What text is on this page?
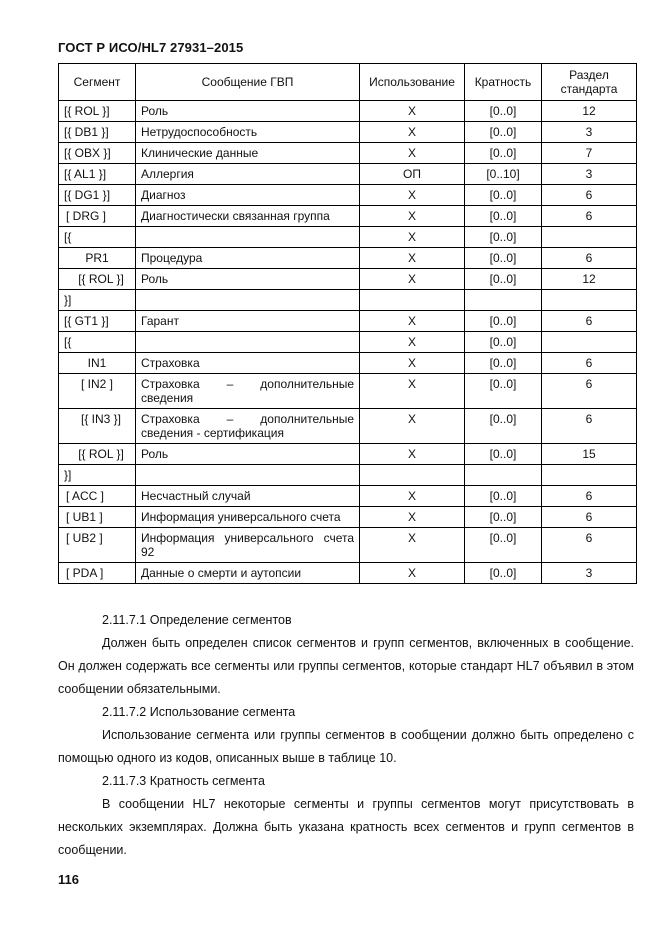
ГОСТ Р ИСО/HL7 27931–2015
Сегмент	Сообщение ГВП	Использование	Кратность	Раздел стандарта
[{ ROL }]	Роль	X	[0..0]	12
[{ DB1 }]	Нетрудоспособность	X	[0..0]	3
[{ OBX }]	Клинические данные	X	[0..0]	7
[{ AL1 }]	Аллергия	ОП	[0..10]	3
[{ DG1 }]	Диагноз	X	[0..0]	6
[ DRG ]	Диагностически связанная группа	X	[0..0]	6
[{		X	[0..0]	
PR1	Процедура	X	[0..0]	6
[{ ROL }]	Роль	X	[0..0]	12
}]				
[{ GT1 }]	Гарант	X	[0..0]	6
[{		X	[0..0]	
IN1	Страховка	X	[0..0]	6
[ IN2 ]	Страховка – дополнительные сведения	X	[0..0]	6
[{ IN3 }]	Страховка – дополнительные сведения - сертификация	X	[0..0]	6
[{ ROL }]	Роль	X	[0..0]	15
}]				
[ ACC ]	Несчастный случай	X	[0..0]	6
[ UB1 ]	Информация универсального счета	X	[0..0]	6
[ UB2 ]	Информация универсального счета 92	X	[0..0]	6
[ PDA ]	Данные о смерти и аутопсии	X	[0..0]	3

2.11.7.1 Определение сегментов

Должен быть определен список сегментов и групп сегментов, включенных в сообщение. Он должен содержать все сегменты или группы сегментов, которые стандарт HL7 объявил в этом сообщении обязательными.

2.11.7.2 Использование сегмента

Использование сегмента или группы сегментов в сообщении должно быть определено с помощью одного из кодов, описанных выше в таблице 10.

2.11.7.3 Кратность сегмента

В сообщении HL7 некоторые сегменты и группы сегментов могут присутствовать в нескольких экземплярах. Должна быть указана кратность всех сегментов и групп сегментов в сообщении.

116
